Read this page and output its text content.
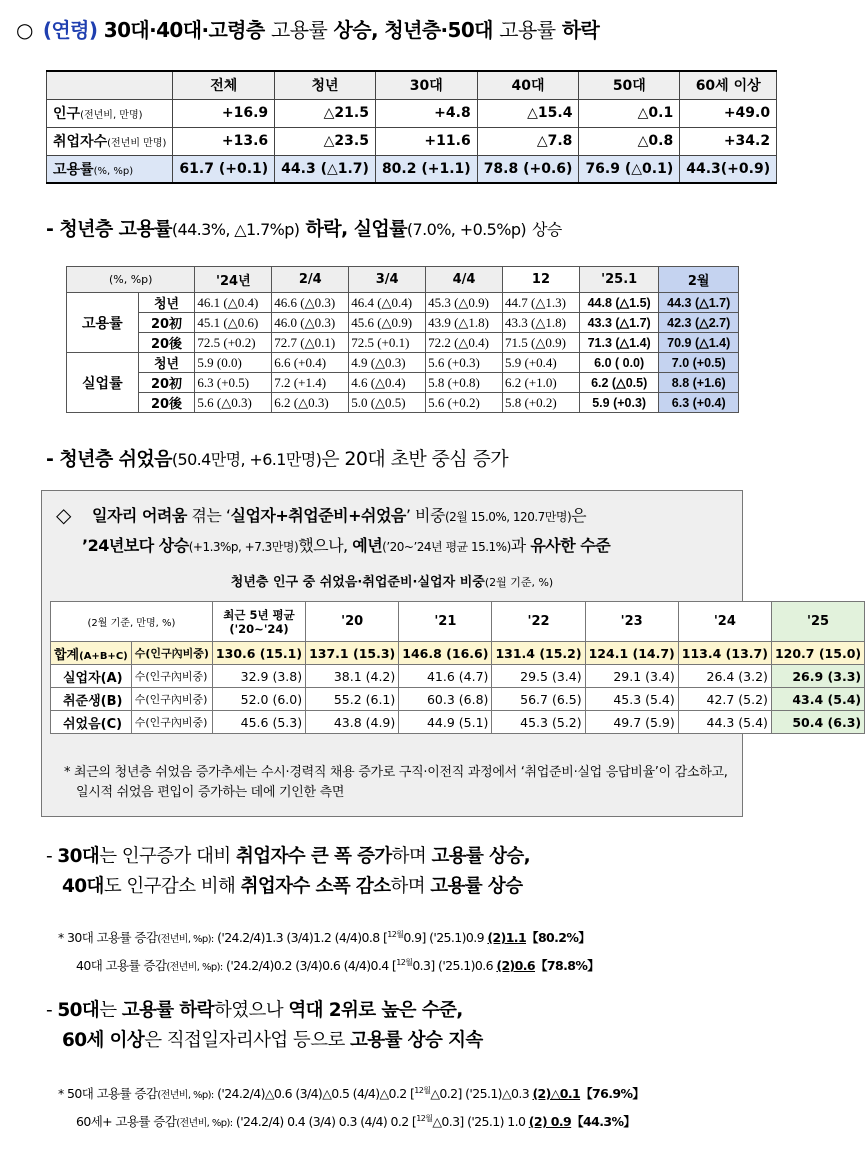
○ (연령) 30대·40대·고령층 고용률 상승, 청년층·50대 고용률 하락
	전체	청년	30대	40대	50대	60세 이상
인구(전년비, 만명)	+16.9	△21.5	+4.8	△15.4	△0.1	+49.0
취업자수(전년비 만명)	+13.6	△23.5	+11.6	△7.8	△0.8	+34.2
고용률(%, %p)	61.7 (+0.1)	44.3 (△1.7)	80.2 (+1.1)	78.8 (+0.6)	76.9 (△0.1)	44.3(+0.9)
- 청년층 고용률(44.3%, △1.7%p) 하락, 실업률(7.0%, +0.5%p) 상승
(%, %p)		'24년	2/4	3/4	4/4	12	'25.1	2월
고용률	청년	46.1 (△0.4)	46.6 (△0.3)	46.4 (△0.4)	45.3 (△0.9)	44.7 (△1.3)	44.8 (△1.5)	44.3 (△1.7)
	20初	45.1 (△0.6)	46.0 (△0.3)	45.6 (△0.9)	43.9 (△1.8)	43.3 (△1.8)	43.3 (△1.7)	42.3 (△2.7)
	20後	72.5 (+0.2)	72.7 (△0.1)	72.5 (+0.1)	72.2 (△0.4)	71.5 (△0.9)	71.3 (△1.4)	70.9 (△1.4)
실업률	청년	5.9 (0.0)	6.6 (+0.4)	4.9 (△0.3)	5.6 (+0.3)	5.9 (+0.4)	6.0 ( 0.0)	7.0 (+0.5)
	20初	6.3 (+0.5)	7.2 (+1.4)	4.6 (△0.4)	5.8 (+0.8)	6.2 (+1.0)	6.2 (△0.5)	8.8 (+1.6)
	20後	5.6 (△0.3)	6.2 (△0.3)	5.0 (△0.5)	5.6 (+0.2)	5.8 (+0.2)	5.9 (+0.3)	6.3 (+0.4)
- 청년층 쉬었음(50.4만명, +6.1만명)은 20대 초반 중심 증가
◇ 일자리 어려움 겪는 ‘실업자+취업준비+쉬었음’ 비중(2월 15.0%, 120.7만명)은
’24년보다 상승(+1.3%p, +7.3만명)했으나, 예년(’20~’24년 평균 15.1%)과 유사한 수준
청년층 인구 중 쉬었음·취업준비·실업자 비중(2월 기준, %)
(2월 기준, 만명, %)		최근 5년 평균
('20~'24)	'20	'21	'22	'23	'24	'25
합계(A+B+C)	수(인구內비중)	130.6 (15.1)	137.1 (15.3)	146.8 (16.6)	131.4 (15.2)	124.1 (14.7)	113.4 (13.7)	120.7 (15.0)
실업자(A)	수(인구內비중)	32.9 (3.8)	38.1 (4.2)	41.6 (4.7)	29.5 (3.4)	29.1 (3.4)	26.4 (3.2)	26.9 (3.3)
취준생(B)	수(인구內비중)	52.0 (6.0)	55.2 (6.1)	60.3 (6.8)	56.7 (6.5)	45.3 (5.4)	42.7 (5.2)	43.4 (5.4)
쉬었음(C)	수(인구內비중)	45.6 (5.3)	43.8 (4.9)	44.9 (5.1)	45.3 (5.2)	49.7 (5.9)	44.3 (5.4)	50.4 (6.3)
* 최근의 청년층 쉬었음 증가추세는 수시·경력직 채용 증가로 구직·이전직 과정에서 ‘취업준비·실업 응답비율’이 감소하고, 일시적 쉬었음 편입이 증가하는 데에 기인한 측면
- 30대는 인구증가 대비 취업자수 큰 폭 증가하며 고용률 상승,
40대도 인구감소 비해 취업자수 소폭 감소하며 고용률 상승
* 30대 고용률 증감(전년비, %p): ('24.2/4)1.3 (3/4)1.2 (4/4)0.8 [$^{12월}$0.9] ('25.1)0.9 (2)1.1【80.2%】
40대 고용률 증감(전년비, %p): ('24.2/4)0.2 (3/4)0.6 (4/4)0.4 [$^{12월}$0.3] ('25.1)0.6 (2)0.6【78.8%】
- 50대는 고용률 하락하였으나 역대 2위로 높은 수준,
60세 이상은 직접일자리사업 등으로 고용률 상승 지속
* 50대 고용률 증감(전년비, %p): ('24.2/4)△0.6 (3/4)△0.5 (4/4)△0.2 [$^{12월}$△0.2] ('25.1)△0.3 (2)△0.1【76.9%】
60세+ 고용률 증감(전년비, %p): ('24.2/4) 0.4 (3/4) 0.3 (4/4) 0.2 [$^{12월}$△0.3] ('25.1) 1.0 (2) 0.9【44.3%】
